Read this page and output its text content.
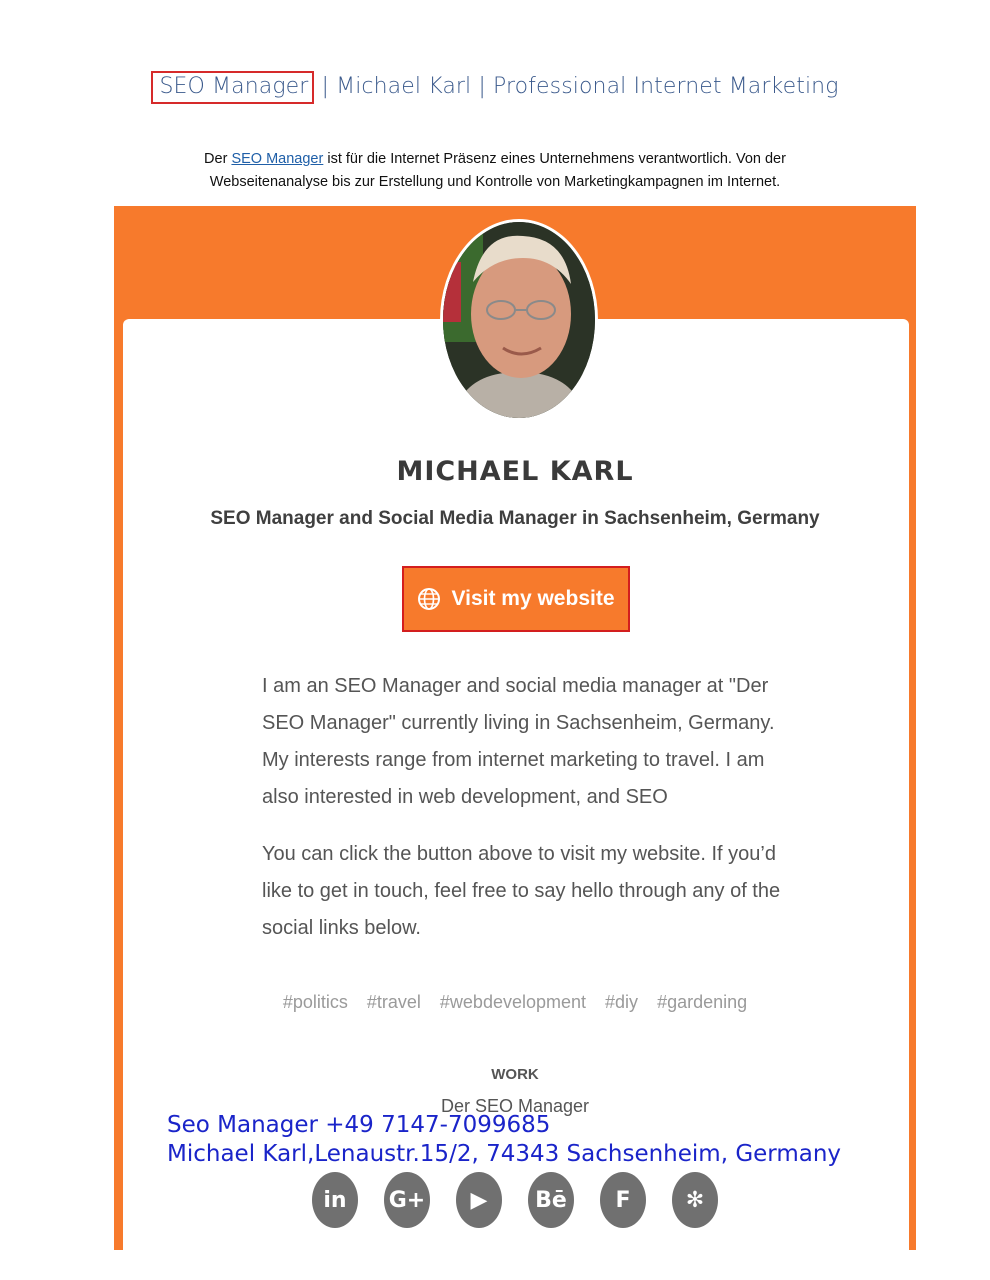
SEO Manager | Michael Karl | Professional Internet Marketing
Der SEO Manager ist für die Internet Präsenz eines Unternehmens verantwortlich. Von der
Webseitenanalyse bis zur Erstellung und Kontrolle von Marketingkampagnen im Internet.
MICHAEL KARL
SEO Manager and Social Media Manager in Sachsenheim, Germany
Visit my website
I am an SEO Manager and social media manager at "Der SEO Manager" currently living in Sachsenheim, Germany. My interests range from internet marketing to travel. I am also interested in web development, and SEO
You can click the button above to visit my website. If you’d like to get in touch, feel free to say hello through any of the social links below.
#politics #travel #webdevelopment #diy #gardening
WORK
Der SEO Manager
in	G+	▶	Bē	F	✻
Seo Manager +49 7147-7099685
Michael Karl,Lenaustr.15/2, 74343 Sachsenheim, Germany
